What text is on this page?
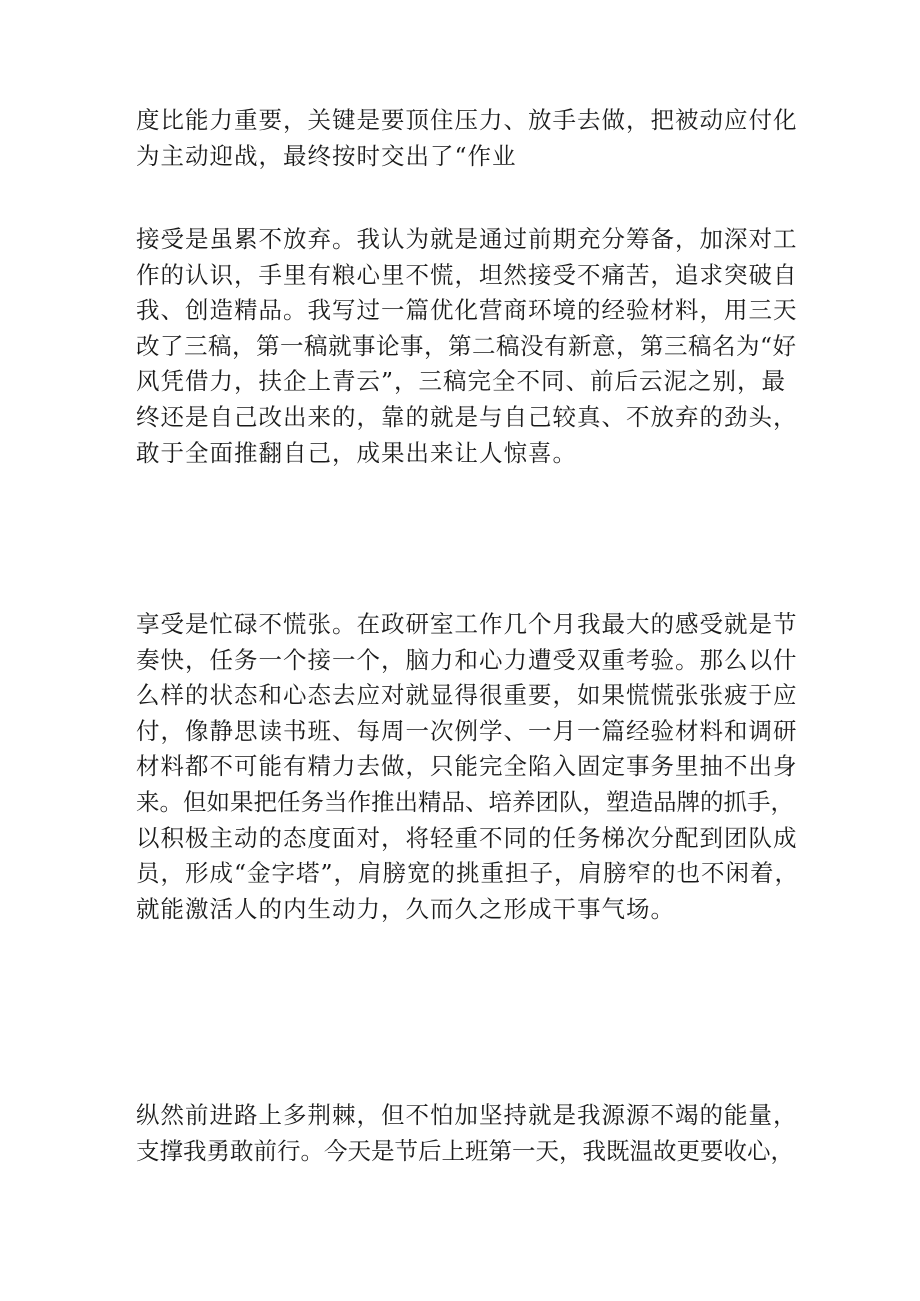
度比能力重要，关键是要顶住压力、放手去做，把被动应付化
为主动迎战，最终按时交出了“作业

接受是虽累不放弃。我认为就是通过前期充分筹备，加深对工
作的认识，手里有粮心里不慌，坦然接受不痛苦，追求突破自
我、创造精品。我写过一篇优化营商环境的经验材料，用三天
改了三稿，第一稿就事论事，第二稿没有新意，第三稿名为“好
风凭借力，扶企上青云”，三稿完全不同、前后云泥之别，最
终还是自己改出来的，靠的就是与自己较真、不放弃的劲头，
敢于全面推翻自己，成果出来让人惊喜。

享受是忙碌不慌张。在政研室工作几个月我最大的感受就是节
奏快，任务一个接一个，脑力和心力遭受双重考验。那么以什
么样的状态和心态去应对就显得很重要，如果慌慌张张疲于应
付，像静思读书班、每周一次例学、一月一篇经验材料和调研
材料都不可能有精力去做，只能完全陷入固定事务里抽不出身
来。但如果把任务当作推出精品、培养团队，塑造品牌的抓手，
以积极主动的态度面对，将轻重不同的任务梯次分配到团队成
员，形成“金字塔”，肩膀宽的挑重担子，肩膀窄的也不闲着，
就能激活人的内生动力，久而久之形成干事气场。

纵然前进路上多荆棘，但不怕加坚持就是我源源不竭的能量，
支撑我勇敢前行。今天是节后上班第一天，我既温故更要收心，
